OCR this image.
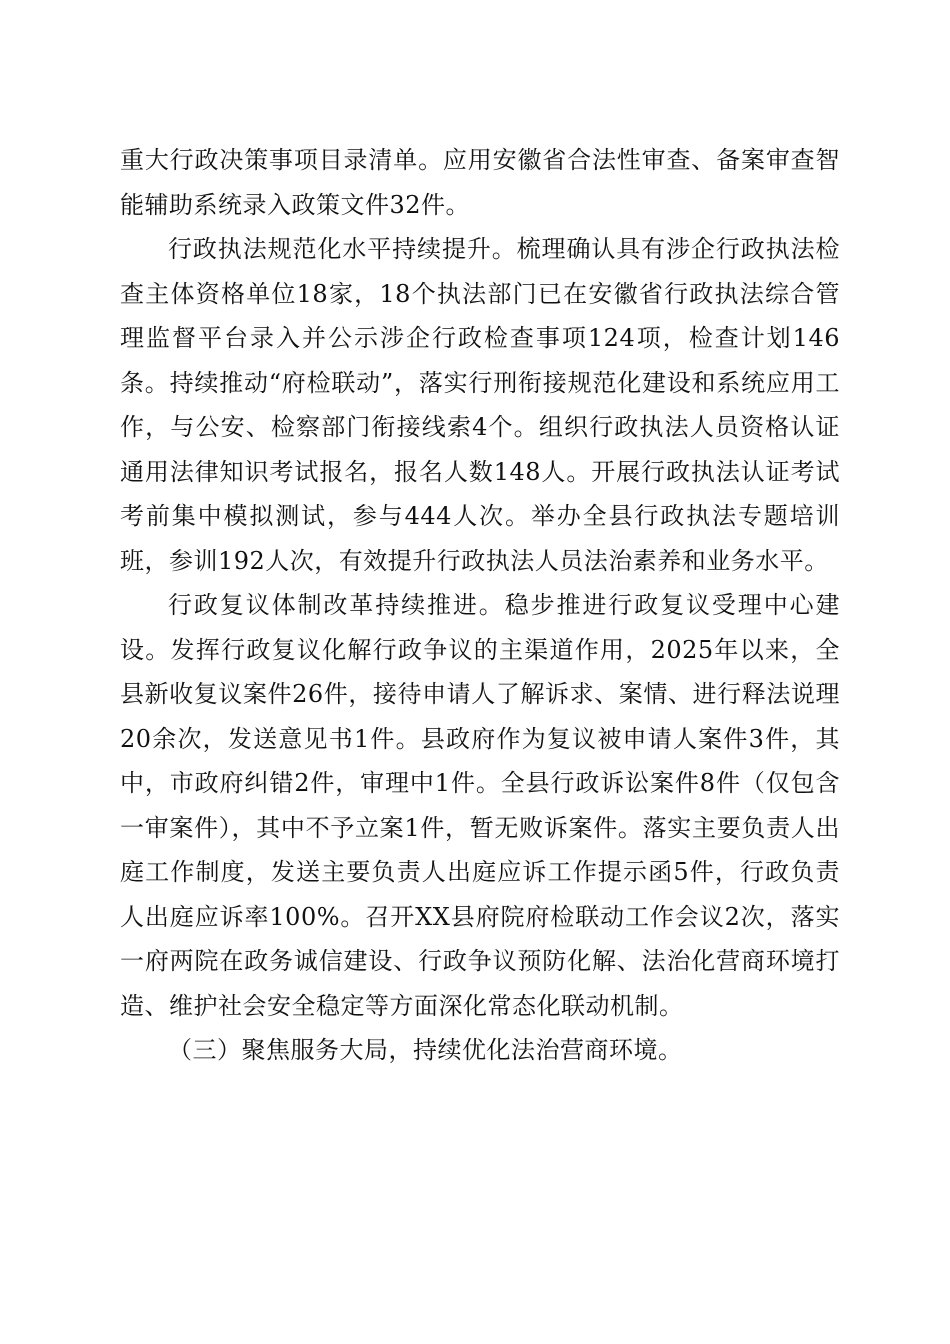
重大行政决策事项目录清单。应用安徽省合法性审查、备案审查智能辅助系统录入政策文件32件。

行政执法规范化水平持续提升。梳理确认具有涉企行政执法检查主体资格单位18家，18个执法部门已在安徽省行政执法综合管理监督平台录入并公示涉企行政检查事项124项，检查计划146条。持续推动“府检联动”，落实行刑衔接规范化建设和系统应用工作，与公安、检察部门衔接线索4个。组织行政执法人员资格认证通用法律知识考试报名，报名人数148人。开展行政执法认证考试考前集中模拟测试，参与444人次。举办全县行政执法专题培训班，参训192人次，有效提升行政执法人员法治素养和业务水平。

行政复议体制改革持续推进。稳步推进行政复议受理中心建设。发挥行政复议化解行政争议的主渠道作用，2025年以来，全县新收复议案件26件，接待申请人了解诉求、案情、进行释法说理20余次，发送意见书1件。县政府作为复议被申请人案件3件，其中，市政府纠错2件，审理中1件。全县行政诉讼案件8件（仅包含一审案件），其中不予立案1件，暂无败诉案件。落实主要负责人出庭工作制度，发送主要负责人出庭应诉工作提示函5件，行政负责人出庭应诉率100%。召开XX县府院府检联动工作会议2次，落实一府两院在政务诚信建设、行政争议预防化解、法治化营商环境打造、维护社会安全稳定等方面深化常态化联动机制。

（三）聚焦服务大局，持续优化法治营商环境。
